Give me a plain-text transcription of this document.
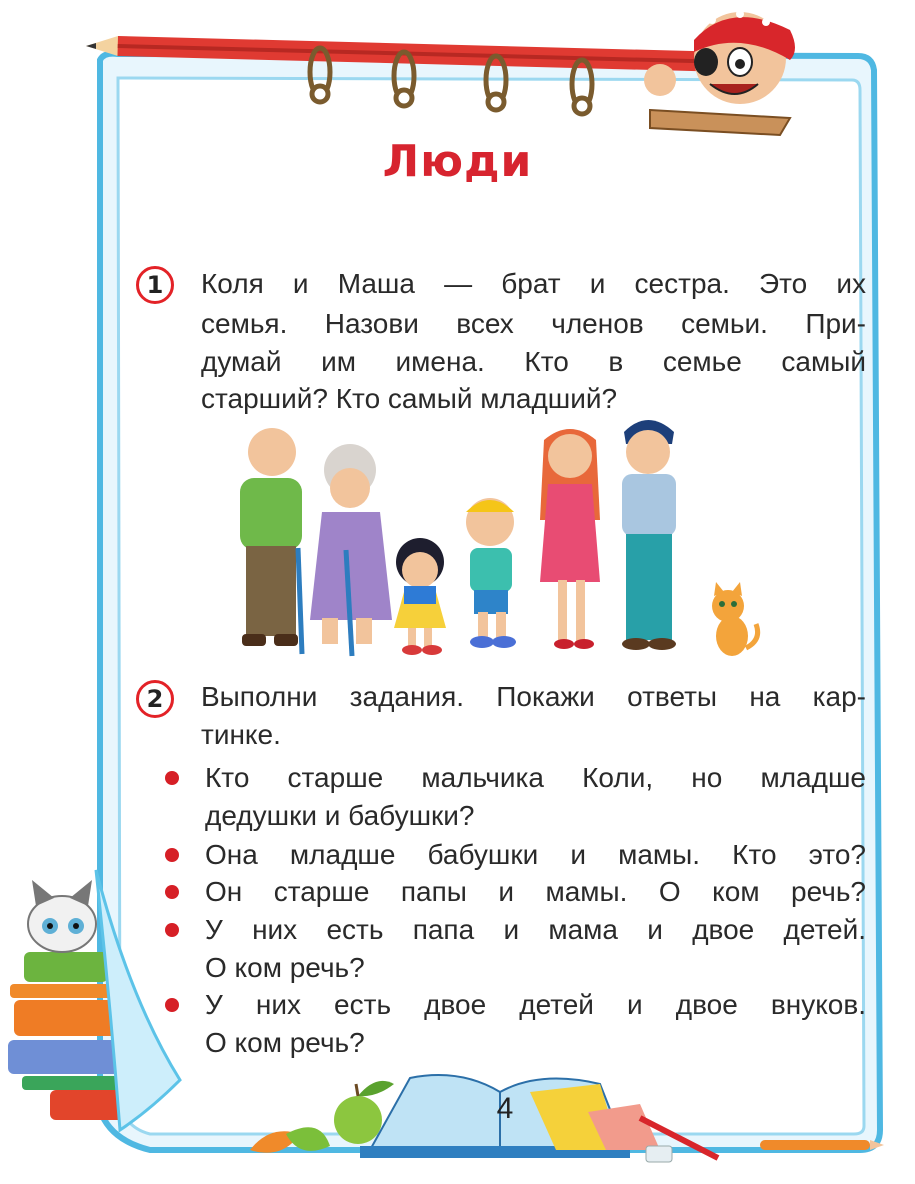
Люди
1	Коля и Маша — брат и сестра. Это их
семья. Назови всех членов семьи. При-
думай им имена. Кто в семье самый
старший? Кто самый младший?
2	Выполни задания. Покажи ответы на кар-
тинке.
Кто старше мальчика Коли, но младше
дедушки и бабушки?
Она младше бабушки и мамы. Кто это?
Он старше папы и мамы. О ком речь?
У них есть папа и мама и двое детей.
О ком речь?
У них есть двое детей и двое внуков.
О ком речь?
4
